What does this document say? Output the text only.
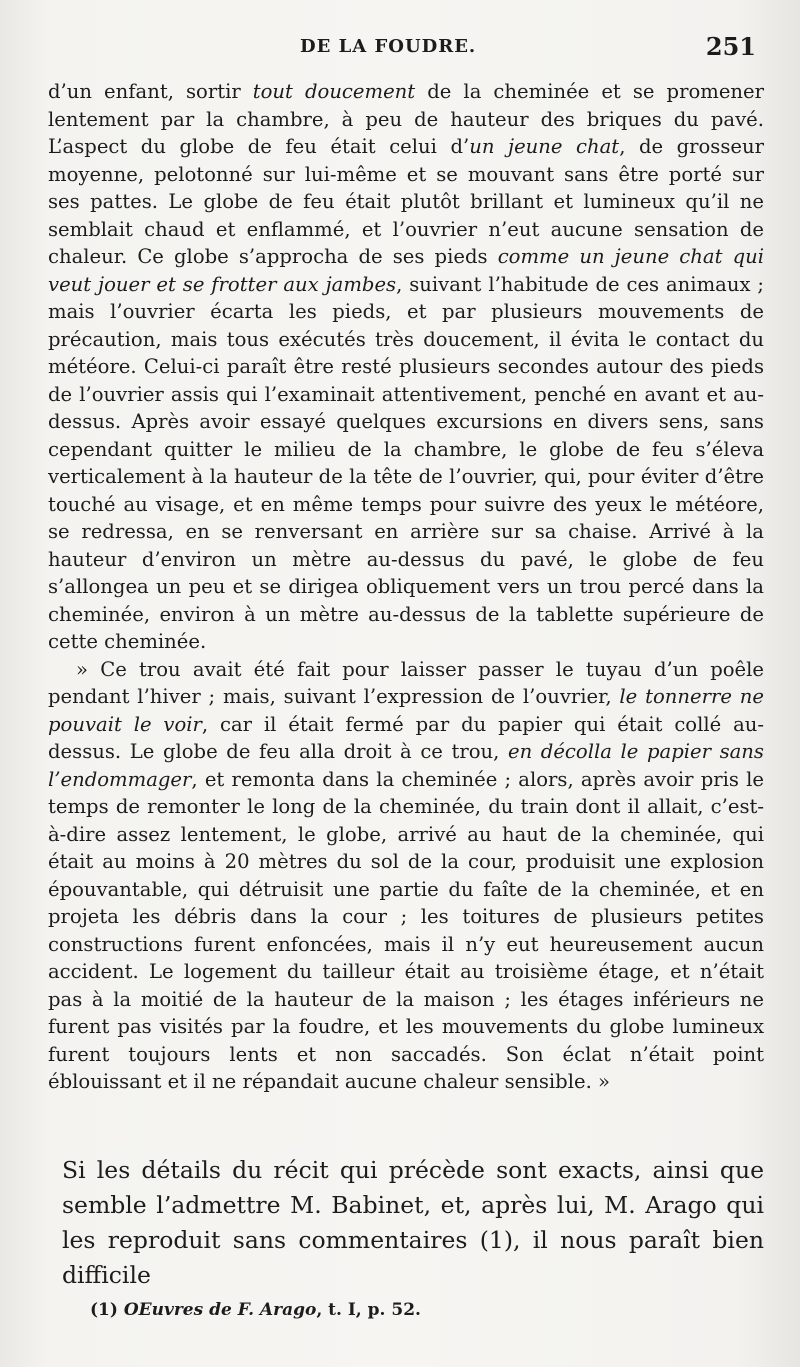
DE LA FOUDRE.	251

d’un enfant, sortir tout doucement de la cheminée et se promener lentement par la chambre, à peu de hauteur des briques du pavé. L’aspect du globe de feu était celui d’un jeune chat, de grosseur moyenne, pelotonné sur lui-même et se mouvant sans être porté sur ses pattes. Le globe de feu était plutôt brillant et lumineux qu’il ne semblait chaud et enflammé, et l’ouvrier n’eut aucune sensation de chaleur. Ce globe s’approcha de ses pieds comme un jeune chat qui veut jouer et se frotter aux jambes, suivant l’habitude de ces animaux ; mais l’ouvrier écarta les pieds, et par plusieurs mouvements de précaution, mais tous exécutés très doucement, il évita le contact du météore. Celui-ci paraît être resté plusieurs secondes autour des pieds de l’ouvrier assis qui l’examinait attentivement, penché en avant et au-dessus. Après avoir essayé quelques excursions en divers sens, sans cependant quitter le milieu de la chambre, le globe de feu s’éleva verticalement à la hauteur de la tête de l’ouvrier, qui, pour éviter d’être touché au visage, et en même temps pour suivre des yeux le météore, se redressa, en se renversant en arrière sur sa chaise. Arrivé à la hauteur d’environ un mètre au-dessus du pavé, le globe de feu s’allongea un peu et se dirigea obliquement vers un trou percé dans la cheminée, environ à un mètre au-dessus de la tablette supérieure de cette cheminée.

» Ce trou avait été fait pour laisser passer le tuyau d’un poêle pendant l’hiver ; mais, suivant l’expression de l’ouvrier, le tonnerre ne pouvait le voir, car il était fermé par du papier qui était collé au-dessus. Le globe de feu alla droit à ce trou, en décolla le papier sans l’endommager, et remonta dans la cheminée ; alors, après avoir pris le temps de remonter le long de la cheminée, du train dont il allait, c’est-à-dire assez lentement, le globe, arrivé au haut de la cheminée, qui était au moins à 20 mètres du sol de la cour, produisit une explosion épouvantable, qui détruisit une partie du faîte de la cheminée, et en projeta les débris dans la cour ; les toitures de plusieurs petites constructions furent enfoncées, mais il n’y eut heureusement aucun accident. Le logement du tailleur était au troisième étage, et n’était pas à la moitié de la hauteur de la maison ; les étages inférieurs ne furent pas visités par la foudre, et les mouvements du globe lumineux furent toujours lents et non saccadés. Son éclat n’était point éblouissant et il ne répandait aucune chaleur sensible. »

Si les détails du récit qui précède sont exacts, ainsi que semble l’admettre M. Babinet, et, après lui, M. Arago qui les reproduit sans commentaires (1), il nous paraît bien difficile

(1) OEuvres de F. Arago, t. I, p. 52.
